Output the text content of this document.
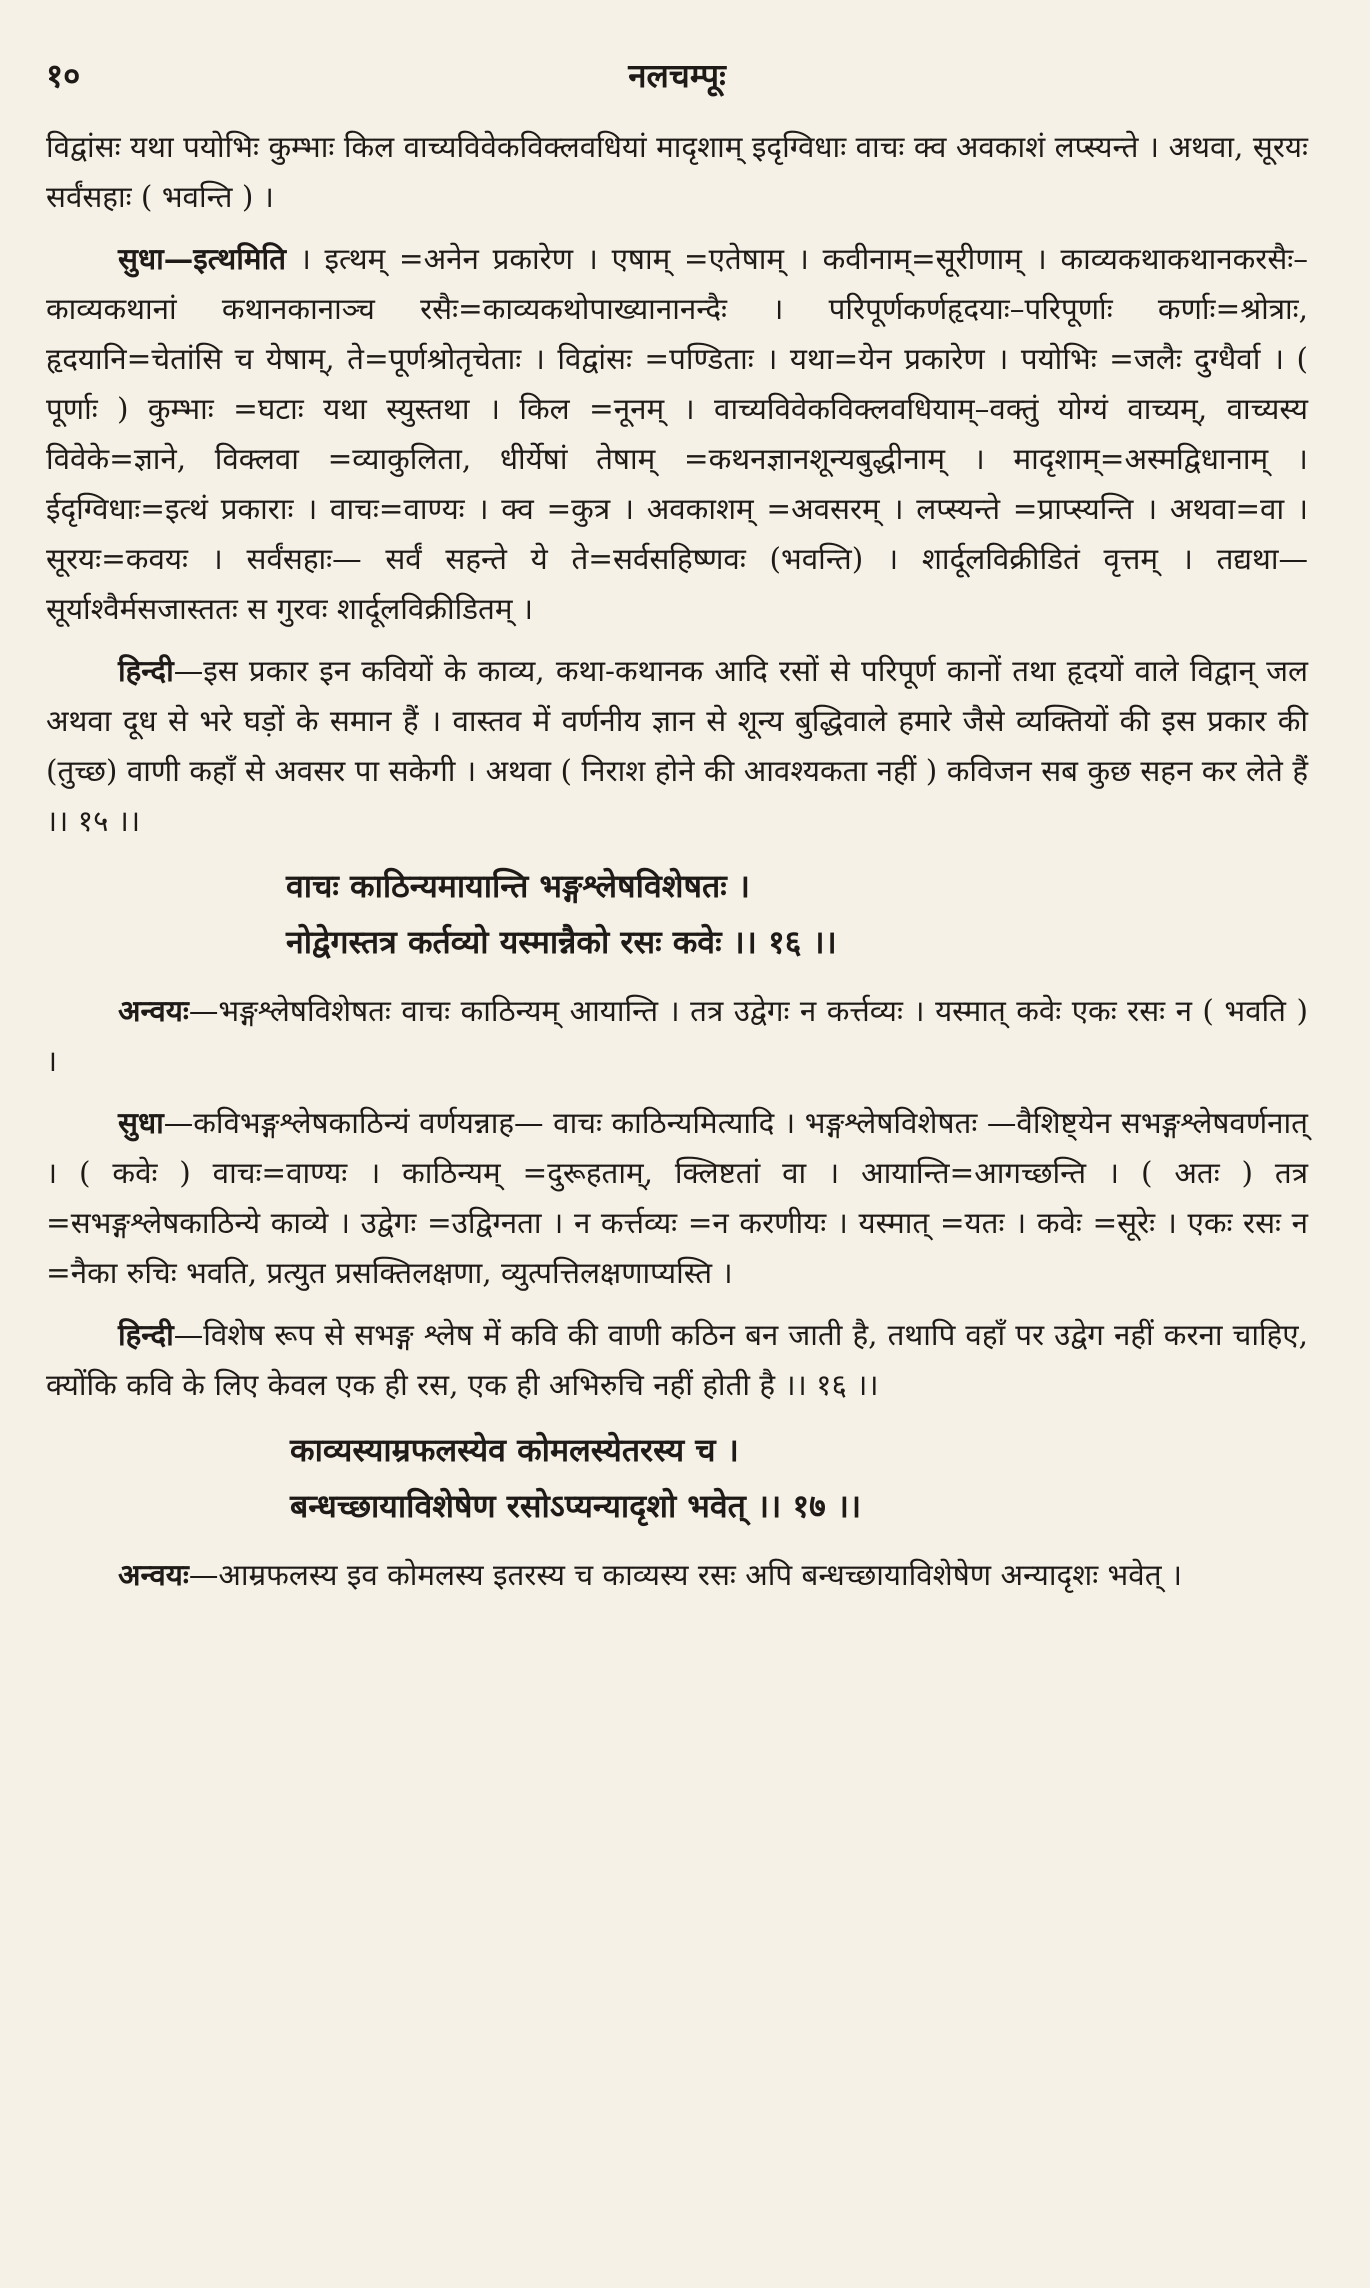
१०	नलचम्पूः

विद्वांसः यथा पयोभिः कुम्भाः किल वाच्यविवेकविक्लवधियां मादृशाम् इदृग्विधाः वाचः क्व अवकाशं लप्स्यन्ते । अथवा, सूरयः सर्वंसहाः ( भवन्ति ) ।

सुधा—इत्थमिति । इत्थम् =अनेन प्रकारेण । एषाम् =एतेषाम् । कवीनाम्=सूरीणाम् । काव्यकथाकथानकरसैः–काव्यकथानां कथानकानाञ्च रसैः=काव्यकथोपाख्यानानन्दैः । परिपूर्णकर्णहृदयाः–परिपूर्णाः कर्णाः=श्रोत्राः, हृदयानि=चेतांसि च येषाम्, ते=पूर्णश्रोतृचेताः । विद्वांसः =पण्डिताः । यथा=येन प्रकारेण । पयोभिः =जलैः दुग्धैर्वा । ( पूर्णाः ) कुम्भाः =घटाः यथा स्युस्तथा । किल =नूनम् । वाच्यविवेकविक्लवधियाम्–वक्तुं योग्यं वाच्यम्, वाच्यस्य विवेके=ज्ञाने, विक्लवा =व्याकुलिता, धीर्येषां तेषाम् =कथनज्ञानशून्यबुद्धीनाम् । मादृशाम्=अस्मद्विधानाम् । ईदृग्विधाः=इत्थं प्रकाराः । वाचः=वाण्यः । क्व =कुत्र । अवकाशम् =अवसरम् । लप्स्यन्ते =प्राप्स्यन्ति । अथवा=वा । सूरयः=कवयः । सर्वंसहाः— सर्वं सहन्ते ये ते=सर्वसहिष्णवः (भवन्ति) । शार्दूलविक्रीडितं वृत्तम् । तद्यथा— सूर्याश्वैर्मसजास्ततः स गुरवः शार्दूलविक्रीडितम् ।

हिन्दी—इस प्रकार इन कवियों के काव्य, कथा-कथानक आदि रसों से परिपूर्ण कानों तथा हृदयों वाले विद्वान् जल अथवा दूध से भरे घड़ों के समान हैं । वास्तव में वर्णनीय ज्ञान से शून्य बुद्धिवाले हमारे जैसे व्यक्तियों की इस प्रकार की (तुच्छ) वाणी कहाँ से अवसर पा सकेगी । अथवा ( निराश होने की आवश्यकता नहीं ) कविजन सब कुछ सहन कर लेते हैं ।। १५ ।।

वाचः काठिन्यमायान्ति भङ्गश्लेषविशेषतः ।
नोद्वेगस्तत्र कर्तव्यो यस्मान्नैको रसः कवेः ।। १६ ।।

अन्वयः—भङ्गश्लेषविशेषतः वाचः काठिन्यम् आयान्ति । तत्र उद्वेगः न कर्त्तव्यः । यस्मात् कवेः एकः रसः न ( भवति ) ।

सुधा—कविभङ्गश्लेषकाठिन्यं वर्णयन्नाह— वाचः काठिन्यमित्यादि । भङ्गश्लेषविशेषतः —वैशिष्ट्येन सभङ्गश्लेषवर्णनात् । ( कवेः ) वाचः=वाण्यः । काठिन्यम् =दुरूहताम्, क्लिष्टतां वा । आयान्ति=आगच्छन्ति । ( अतः ) तत्र =सभङ्गश्लेषकाठिन्ये काव्ये । उद्वेगः =उद्विग्नता । न कर्त्तव्यः =न करणीयः । यस्मात् =यतः । कवेः =सूरेः । एकः रसः न =नैका रुचिः भवति, प्रत्युत प्रसक्तिलक्षणा, व्युत्पत्तिलक्षणाप्यस्ति ।

हिन्दी—विशेष रूप से सभङ्ग श्लेष में कवि की वाणी कठिन बन जाती है, तथापि वहाँ पर उद्वेग नहीं करना चाहिए, क्योंकि कवि के लिए केवल एक ही रस, एक ही अभिरुचि नहीं होती है ।। १६ ।।

काव्यस्याम्रफलस्येव कोमलस्येतरस्य च ।
बन्धच्छायाविशेषेण रसोऽप्यन्यादृशो भवेत् ।। १७ ।।

अन्वयः—आम्रफलस्य इव कोमलस्य इतरस्य च काव्यस्य रसः अपि बन्धच्छायाविशेषेण अन्यादृशः भवेत् ।
